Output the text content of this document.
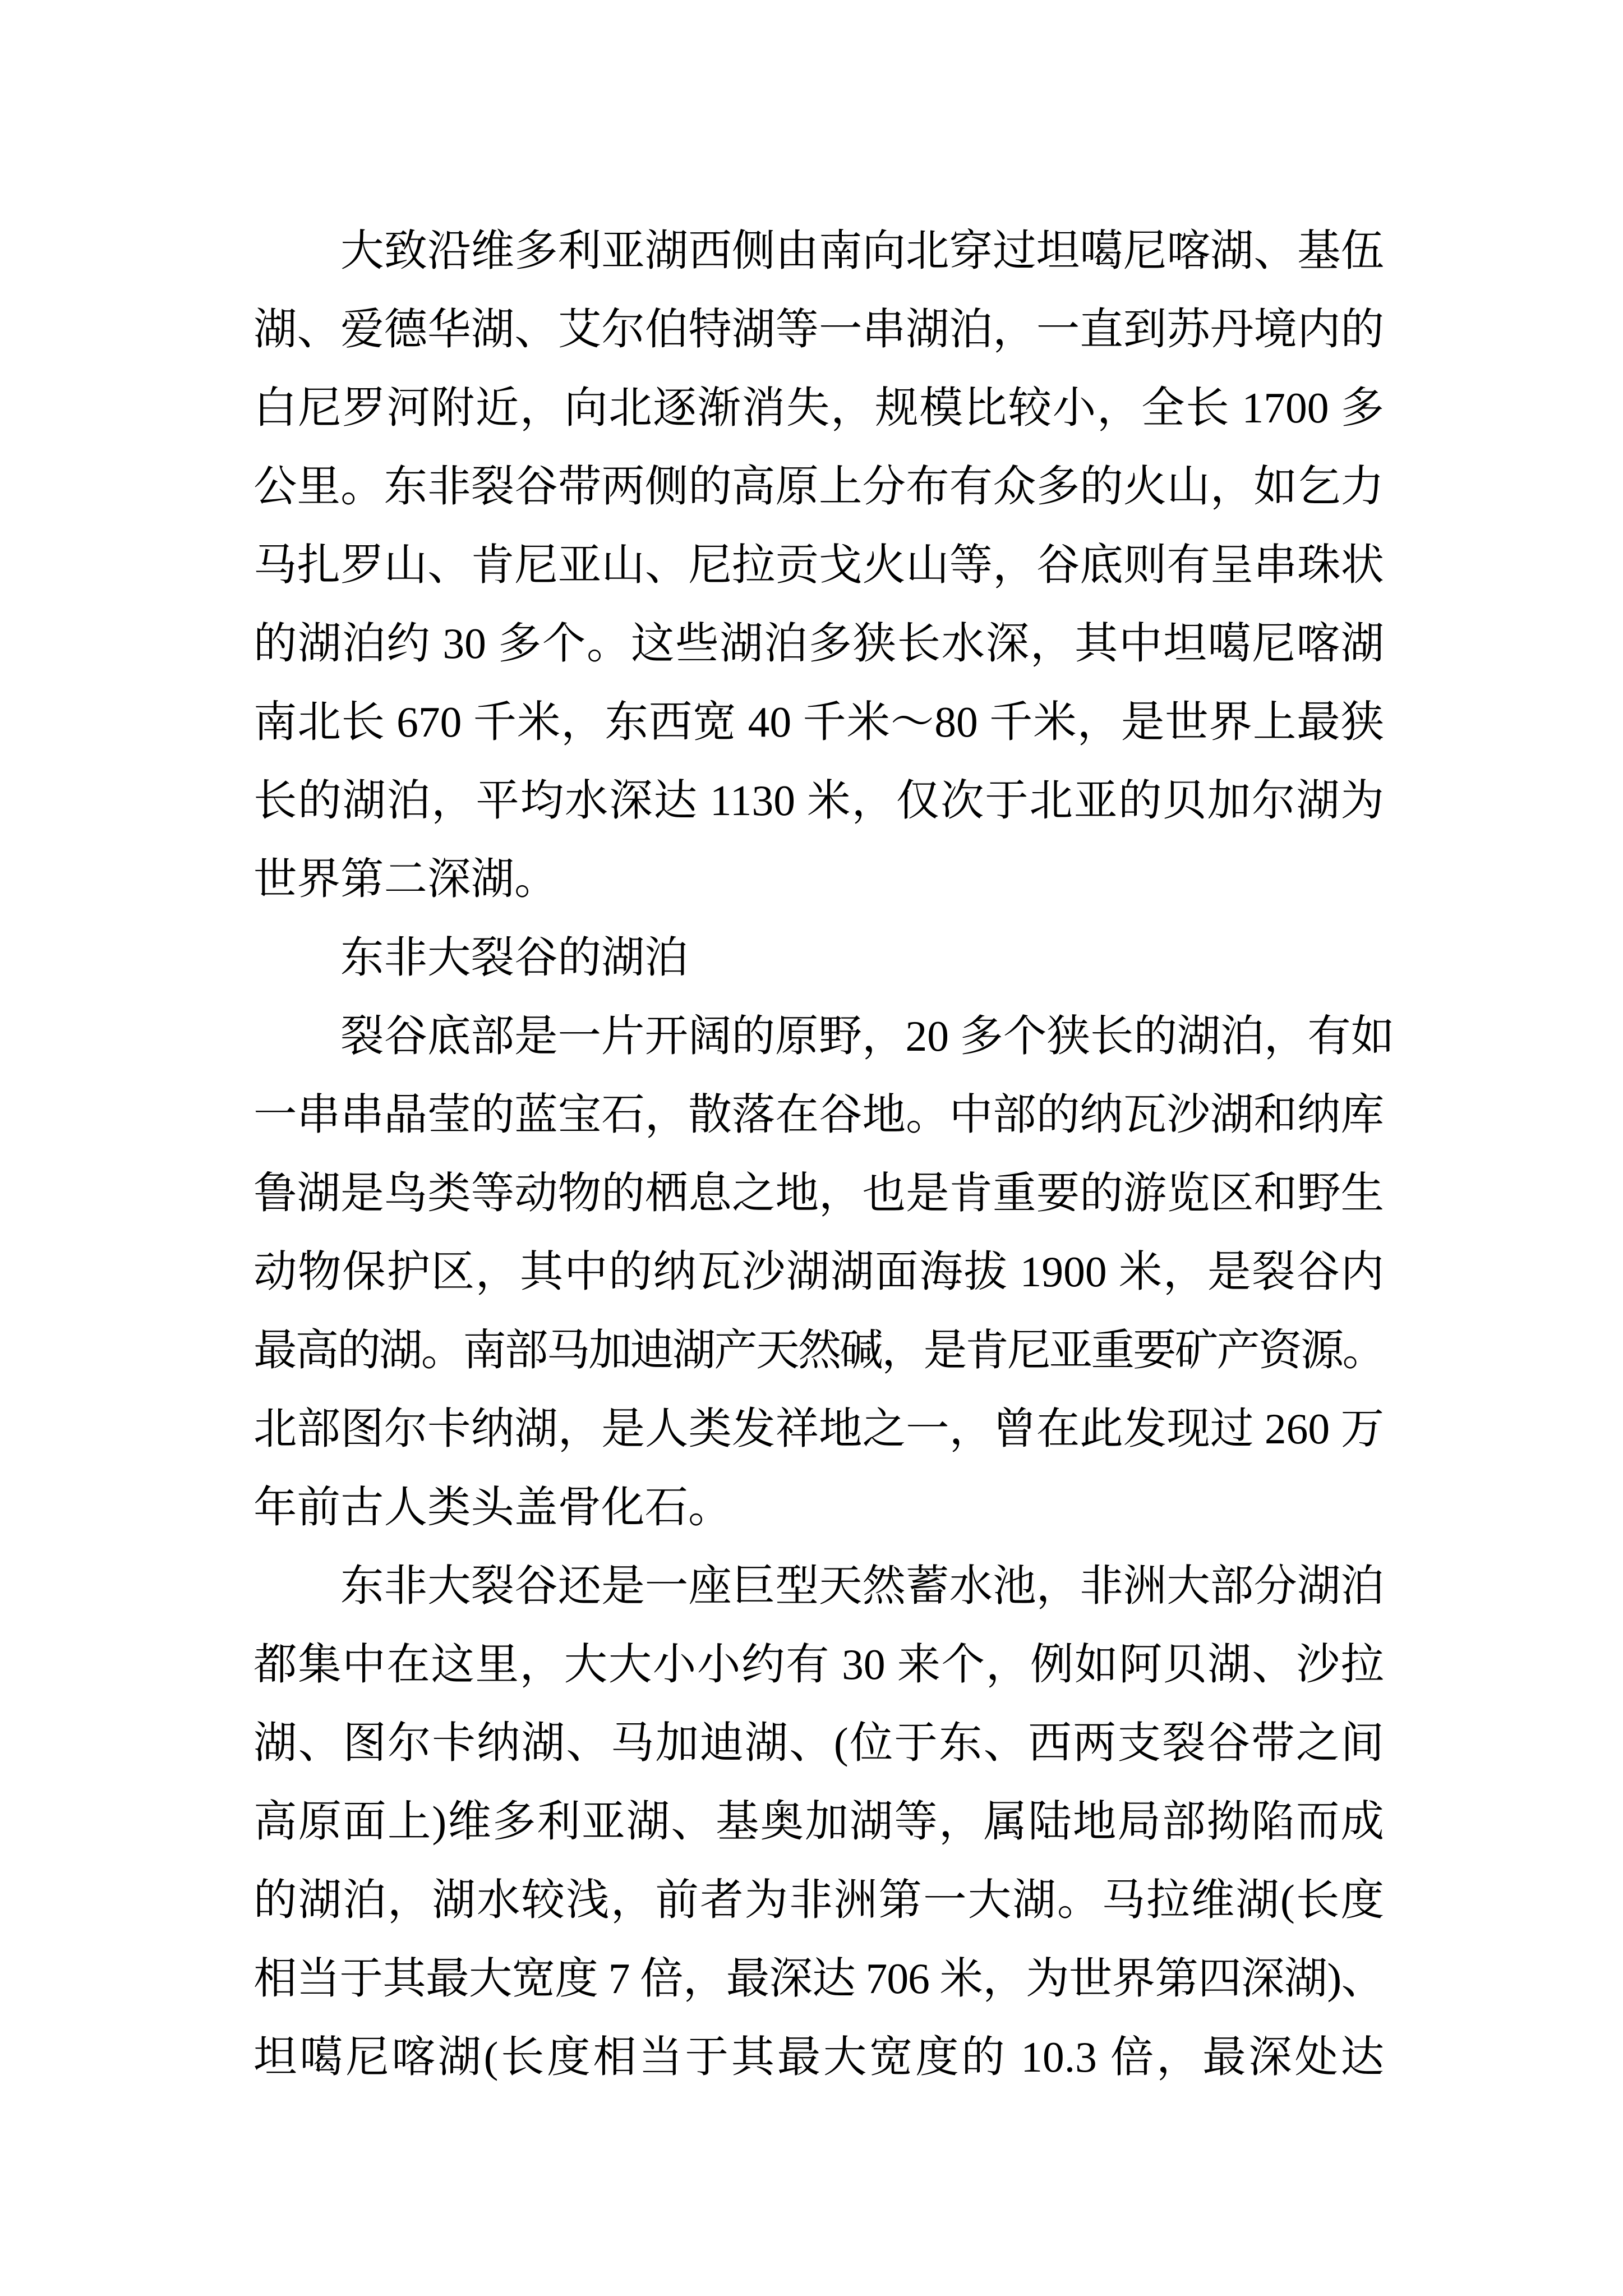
大致沿维多利亚湖西侧由南向北穿过坦噶尼喀湖、基伍
湖、爱德华湖、艾尔伯特湖等一串湖泊，一直到苏丹境内的
白尼罗河附近，向北逐渐消失，规模比较小，全长 1700 多
公里。东非裂谷带两侧的高原上分布有众多的火山，如乞力
马扎罗山、肯尼亚山、尼拉贡戈火山等，谷底则有呈串珠状
的湖泊约 30 多个。这些湖泊多狭长水深，其中坦噶尼喀湖
南北长 670 千米，东西宽 40 千米～80 千米，是世界上最狭
长的湖泊，平均水深达 1130 米，仅次于北亚的贝加尔湖为
世界第二深湖。
东非大裂谷的湖泊
裂谷底部是一片开阔的原野，20 多个狭长的湖泊，有如
一串串晶莹的蓝宝石，散落在谷地。中部的纳瓦沙湖和纳库
鲁湖是鸟类等动物的栖息之地，也是肯重要的游览区和野生
动物保护区，其中的纳瓦沙湖湖面海拔 1900 米，是裂谷内
最高的湖。南部马加迪湖产天然碱，是肯尼亚重要矿产资源。
北部图尔卡纳湖，是人类发祥地之一，曾在此发现过 260 万
年前古人类头盖骨化石。
东非大裂谷还是一座巨型天然蓄水池，非洲大部分湖泊
都集中在这里，大大小小约有 30 来个，例如阿贝湖、沙拉
湖、图尔卡纳湖、马加迪湖、(位于东、西两支裂谷带之间
高原面上)维多利亚湖、基奥加湖等，属陆地局部拗陷而成
的湖泊，湖水较浅，前者为非洲第一大湖。马拉维湖(长度
相当于其最大宽度 7 倍，最深达 706 米，为世界第四深湖)、
坦噶尼喀湖(长度相当于其最大宽度的 10.3 倍，最深处达
